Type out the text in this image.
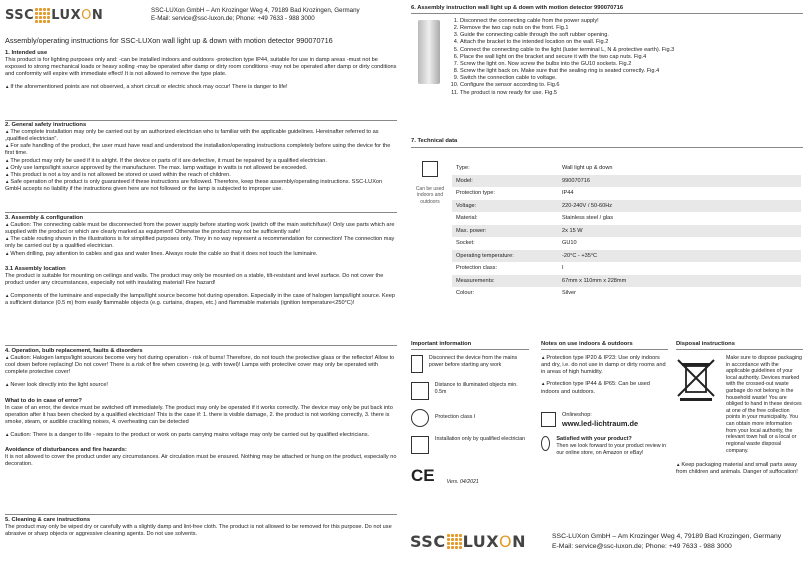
SSC LUX O N	SSC-LUXon GmbH – Am Krozinger Weg 4, 79189 Bad Krozingen, Germany
E-Mail: service@ssc-luxon.de; Phone: +49 7633 - 988 3000
Assembly/operating instructions for SSC-LUXon wall light up & down with motion detector 990070716
1. Intended use
This product is for lighting purposes only and: -can be installed indoors and outdoors -protection type IP44, suitable for use in damp areas -must not be exposed to strong mechanical loads or heavy soiling -may be operated after damp or dirty room conditions -may not be operated after damp or dirty conditions and conformity will expire with immediate effect! It is not allowed to remove the type plate.
▲ If the aforementioned points are not observed, a short circuit or electric shock may occur! There is danger to life!
2. General safety instructions
▲ The complete installation may only be carried out by an authorized electrician who is familiar with the applicable guidelines. Hereinafter referred to as „qualified electrician".
▲ For safe handling of the product, the user must have read and understood the installation/operating instructions completely before using the device for the first time.
▲ The product may only be used if it is alright. If the device or parts of it are defective, it must be repaired by a qualified electrician.
▲ Only use lamps/light source approved by the manufacturer. The max. lamp wattage in watts is not allowed be exceeded.
▲ This product is not a toy and is not allowed be stored or used within the reach of children.
▲ Safe operation of the product is only guaranteed if these instructions are followed. Therefore, keep these assembly/operating instructions. SSC-LUXon GmbH accepts no liability if the instructions given here are not followed or the lamp is subjected to improper use.
3. Assembly & configuration
▲ Caution: The connecting cable must be disconnected from the power supply before starting work (switch off the main switch/fuse)! Only use parts which are supplied with the product or which are clearly marked as equipment! Otherwise the product may not be sufficiently safe!
▲ The cable routing shown in the illustrations is for simplified purposes only. They in no way represent a recommendation for connection! The connection may only be carried out by a qualified electrician.
▲ When drilling, pay attention to cables and gas and water lines. Always route the cable so that it does not touch the luminaire.
3.1 Assembly location
The product is suitable for mounting on ceilings and walls. The product may only be mounted on a stable, tilt-resistant and level surface. Do not cover the product under any circumstances, especially not with insulating material! Fire hazard!
▲ Components of the luminaire and especially the lamps/light source become hot during operation. Especially in the case of halogen lamps/light source. Keep a sufficient distance (0.5 m) from easily flammable objects (e.g. curtains, drapes, etc.) and flammable materials (ignition temperature<250°C)!
4. Operation, bulb replacement, faults & disorders
▲ Caution: Halogen lamps/light sources become very hot during operation - risk of burns! Therefore, do not touch the protective glass or the reflector! Allow to cool down before replacing! Do not cover! There is a risk of fire when covering (e.g. with towel)! Lamps with protective cover may only be operated with complete protective cover!
▲ Never look directly into the light source!
What to do in case of error?
In case of an error, the device must be switched off immediately. The product may only be operated if it works correctly. The device may only be put back into operation after it has been checked by a qualified electrician! This is the case if: 1. there is visible damage, 2. the product is not working correctly, 3. there is smoke, steam, or audible crackling noises, 4. overheating can be detected
▲ Caution: There is a danger to life - repairs to the product or work on parts carrying mains voltage may only be carried out by qualified electricians.
Avoidance of disturbances and fire hazards:
It is not allowed to cover the product under any circumstances. Air circulation must be ensured. Nothing may be attached or hung on the product, especially no decoration.
5. Cleaning & care instructions
The product may only be wiped dry or carefully with a slightly damp and lint-free cloth. The product is not allowed to be removed for this purpose. Do not use abrasive or sharp objects or aggressive cleaning agents. Do not use solvents.
6. Assembly instruction wall light up & down with motion detector 990070716
1. Disconnect the connecting cable from the power supply!
2. Remove the two cap nuts on the front. Fig.1
3. Guide the connecting cable through the soft rubber opening.
4. Attach the bracket to the intended location on the wall. Fig.2
5. Connect the connecting cable to the light (luster terminal L, N & protective earth). Fig.3
6. Place the wall light on the bracket and secure it with the two cap nuts. Fig.4
7. Screw the light on. Now screw the bulbs into the GU10 sockets. Fig.2
8. Screw the light back on. Make sure that the sealing ring is seated correctly. Fig.4
9. Switch the connection cable to voltage.
10. Configure the sensor according to. Fig.6
11. The product is now ready for use. Fig.5
7. Technical data
Can be used indoors and outdoors
Type:	Wall light up & down
Model:	990070716
Protection type:	IP44
Voltage:	220-240V / 50-60Hz
Material:	Stainless steel / glas
Max. power:	2x 15 W
Socket:	GU10
Operating temperature:	-20°C - +35°C
Protection class:	I
Measurements:	67mm x 110mm x 228mm
Colour:	Silver
Important information
Disconnect the device from the mains power before starting any work
Distance to illuminated objects min. 0.5m
Protection class I
Installation only by qualified electrician
CE Vers. 04/2021
Notes on use indoors & outdoors
▲ Protection type IP20 & IP23: Use only indoors and dry, i.e. do not use in damp or dirty rooms and in areas of high humidity.
▲ Protection type IP44 & IP65: Can be used indoors and outdoors.
Onlineshop:
www.led-lichtraum.de
Satisfied with your product?
Then we look forward to your product review in our online store, on Amazon or eBay!
Disposal instructions
Make sure to dispose packaging in accordance with the applicable guidelines of your local authority. Devices marked with the crossed-out waste garbage do not belong in the household waste! You are obliged to hand in these devices at one of the free collection points in your municipality. You can obtain more information from your local authority, the relevant town hall or a local or regional waste disposal company.
▲ Keep packaging material and small parts away from children and animals. Danger of suffocation!
SSC LUX O N	SSC-LUXon GmbH – Am Krozinger Weg 4, 79189 Bad Krozingen, Germany
E-Mail: service@ssc-luxon.de; Phone: +49 7633 - 988 3000
